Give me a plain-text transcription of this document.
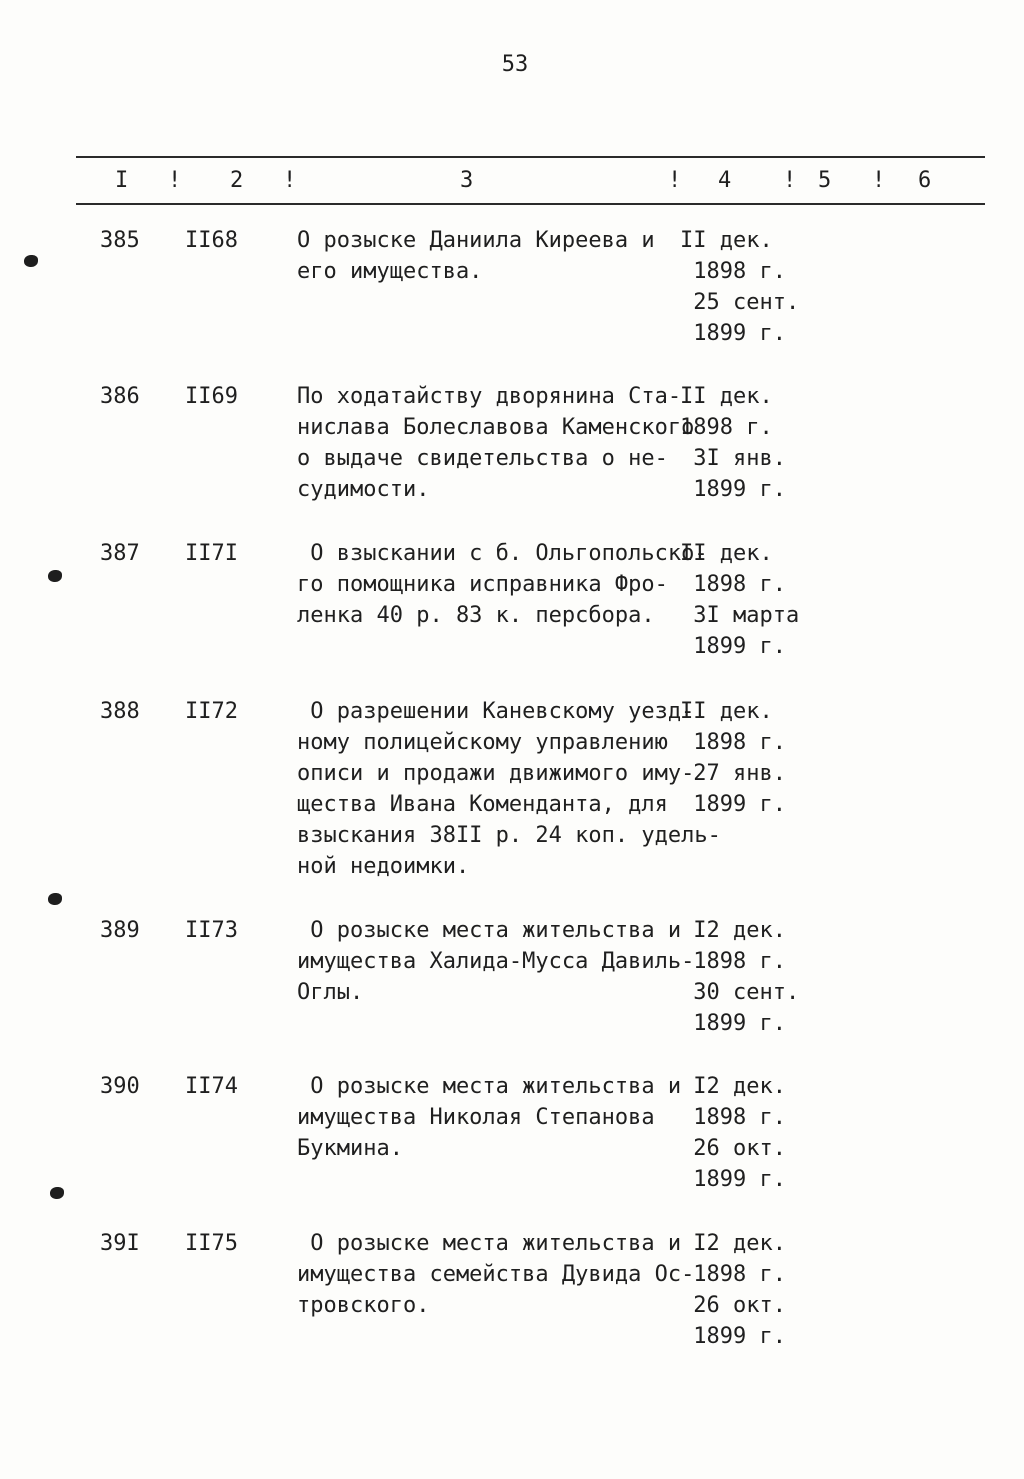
53
I ! 2 !	3	! 4 ! 5 ! 6
385	II68	О розыске Даниила Киреева и
его имущества.
II дек.
1898 г.
25 сент.
1899 г.
386	II69	По ходатайству дворянина Ста-
нислава Болеславова Каменского
о выдаче свидетельства о не-
судимости.
II дек.
1898 г.
3I янв.
1899 г.
387	II7I	О взыскании с б. Ольгопольско-
го помощника исправника Фро-
ленка 40 р. 83 к. персбора.
II дек.
1898 г.
3I марта
1899 г.
388	II72	О разрешении Каневскому уезд-
ному полицейскому управлению
описи и продажи движимого иму-
щества Ивана Коменданта, для
взыскания 38II р. 24 коп. удель-
ной недоимки.
II дек.
1898 г.
27 янв.
1899 г.
389	II73	О розыске места жительства и
имущества Халида-Мусса Давиль-
Оглы.
I2 дек.
1898 г.
30 сент.
1899 г.
390	II74	О розыске места жительства и
имущества Николая Степанова
Букмина.
I2 дек.
1898 г.
26 окт.
1899 г.
39I	II75	О розыске места жительства и
имущества семейства Дувида Ос-
тровского.
I2 дек.
1898 г.
26 окт.
1899 г.
